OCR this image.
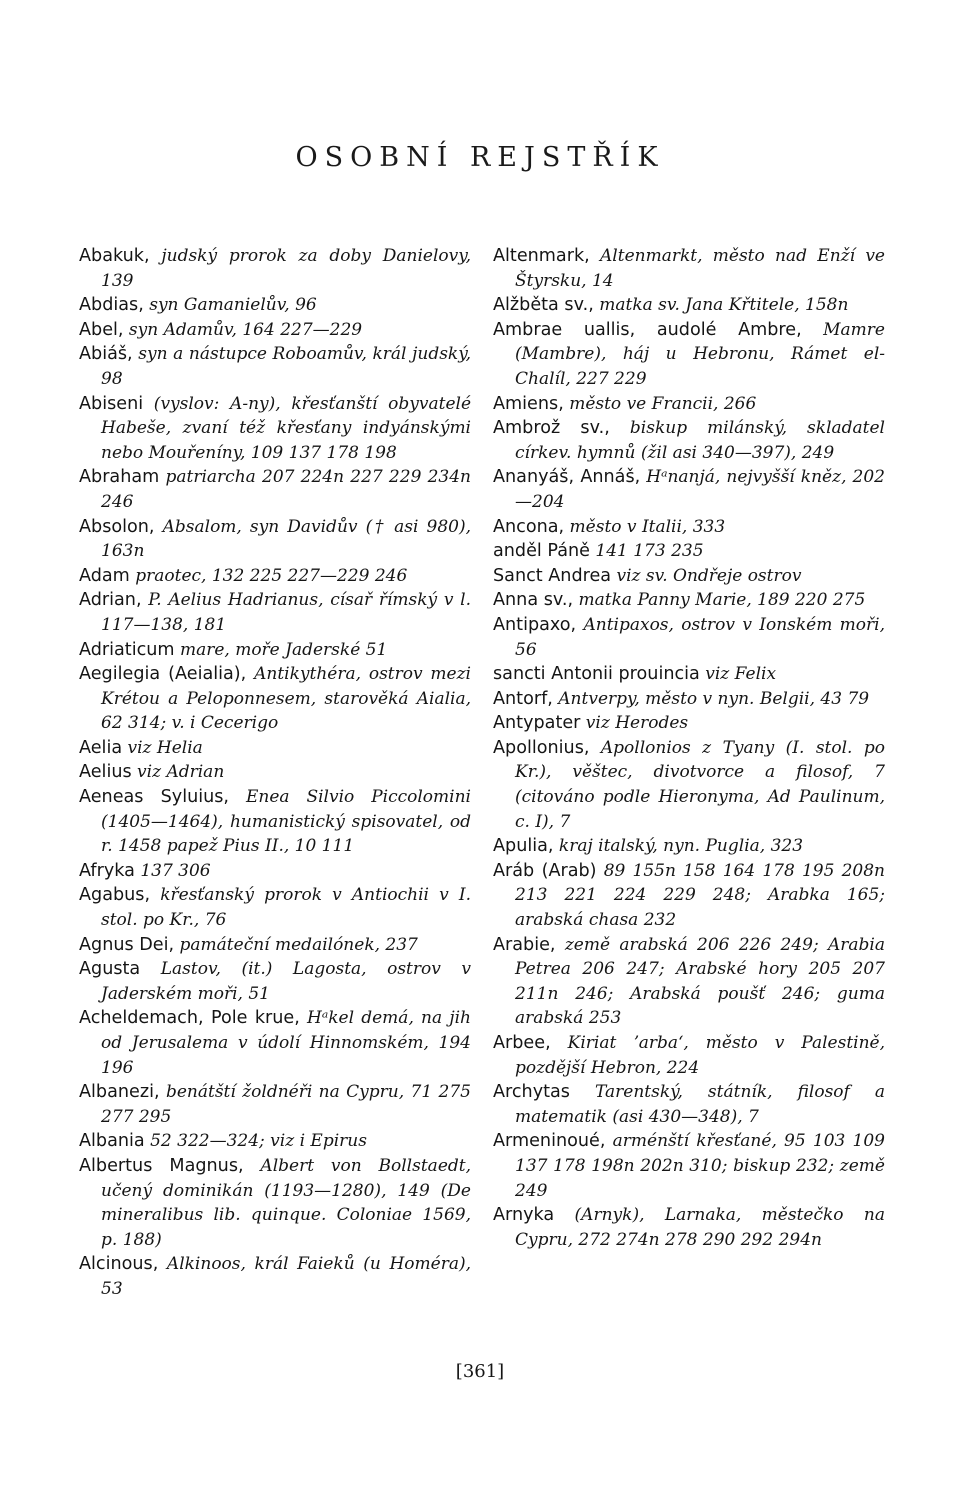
OSOBNÍ REJSTŘÍK

Abakuk, judský prorok za doby Danielovy, 139

Abdias, syn Gamanielův, 96

Abel, syn Adamův, 164 227—229

Abiáš, syn a nástupce Roboamův, král judský, 98

Abiseni (vyslov: A-ny), křesťanští obyvatelé Habeše, zvaní též křesťany indyánskými nebo Mouřeníny, 109 137 178 198

Abraham patriarcha 207 224n 227 229 234n 246

Absolon, Absalom, syn Davidův († asi 980), 163n

Adam praotec, 132 225 227—229 246

Adrian, P. Aelius Hadrianus, císař římský v l. 117—138, 181

Adriaticum mare, moře Jaderské 51

Aegilegia (Aeialia), Antikythéra, ostrov mezi Krétou a Peloponnesem, starověká Aialia, 62 314; v. i Cecerigo

Aelia viz Helia

Aelius viz Adrian

Aeneas Syluius, Enea Silvio Piccolomini (1405—1464), humanistický spisovatel, od r. 1458 papež Pius II., 10 111

Afryka 137 306

Agabus, křesťanský prorok v Antiochii v I. stol. po Kr., 76

Agnus Dei, památeční medailónek, 237

Agusta Lastov, (it.) Lagosta, ostrov v Jaderském moři, 51

Acheldemach, Pole krue, Hᵃkel demá, na jih od Jerusalema v údolí Hinnomském, 194 196

Albanezi, benátští žoldnéři na Cypru, 71 275 277 295

Albania 52 322—324; viz i Epirus

Albertus Magnus, Albert von Bollstaedt, učený dominikán (1193—1280), 149 (De mineralibus lib. quinque. Coloniae 1569, p. 188)

Alcinous, Alkinoos, král Faieků (u Homéra), 53

Altenmark, Altenmarkt, město nad Enží ve Štyrsku, 14

Alžběta sv., matka sv. Jana Křtitele, 158n

Ambrae uallis, audolé Ambre, Mamre (Mambre), háj u Hebronu, Rámet el-Chalíl, 227 229

Amiens, město ve Francii, 266

Ambrož sv., biskup milánský, skladatel církev. hymnů (žil asi 340—397), 249

Ananyáš, Annáš, Hᵃnanjá, nejvyšší kněz, 202—204

Ancona, město v Italii, 333

anděl Páně 141 173 235

Sanct Andrea viz sv. Ondřeje ostrov

Anna sv., matka Panny Marie, 189 220 275

Antipaxo, Antipaxos, ostrov v Ionském moři, 56

sancti Antonii prouincia viz Felix

Antorf, Antverpy, město v nyn. Belgii, 43 79

Antypater viz Herodes

Apollonius, Apollonios z Tyany (I. stol. po Kr.), věštec, divotvorce a filosof, 7 (citováno podle Hieronyma, Ad Paulinum, c. I), 7

Apulia, kraj italský, nyn. Puglia, 323

Aráb (Arab) 89 155n 158 164 178 195 208n 213 221 224 229 248; Arabka 165; arabská chasa 232

Arabie, země arabská 206 226 249; Arabia Petrea 206 247; Arabské hory 205 207 211n 246; Arabská poušť 246; guma arabská 253

Arbee, Kiriat ʼarbaʻ, město v Palestině, pozdější Hebron, 224

Archytas Tarentský, státník, filosof a matematik (asi 430—348), 7

Armeninoué, arménští křesťané, 95 103 109 137 178 198n 202n 310; biskup 232; země 249

Arnyka (Arnyk), Larnaka, městečko na Cypru, 272 274n 278 290 292 294n

[361]
